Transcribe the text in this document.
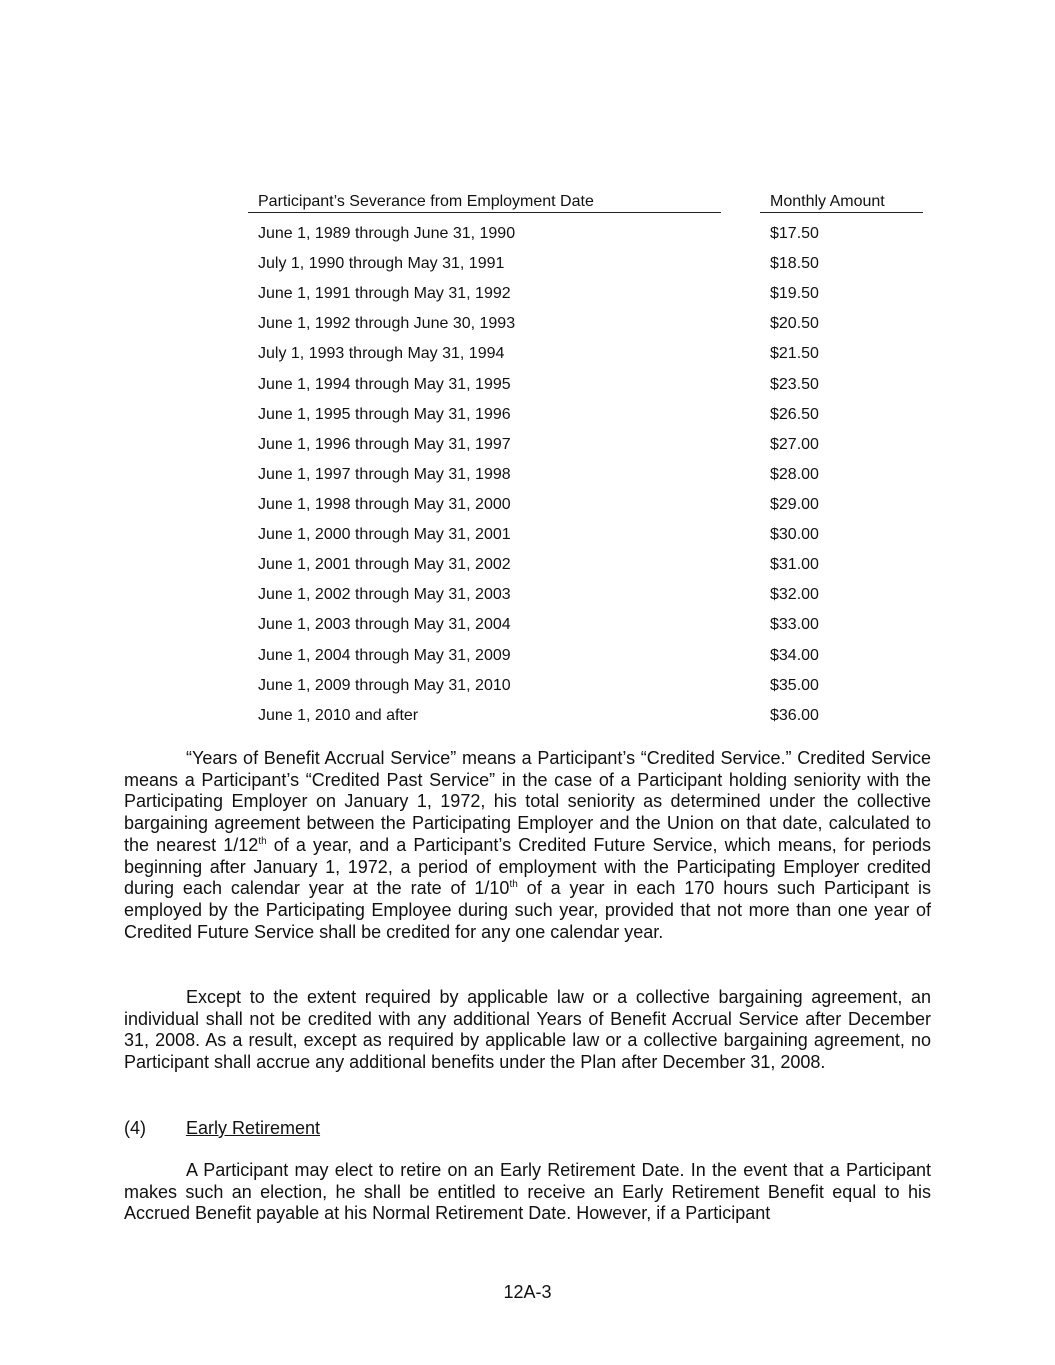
Participant’s Severance from Employment Date	Monthly Amount
June 1, 1989 through June 31, 1990	$17.50
July 1, 1990 through May 31, 1991	$18.50
June 1, 1991 through May 31, 1992	$19.50
June 1, 1992 through June 30, 1993	$20.50
July 1, 1993 through May 31, 1994	$21.50
June 1, 1994 through May 31, 1995	$23.50
June 1, 1995 through May 31, 1996	$26.50
June 1, 1996 through May 31, 1997	$27.00
June 1, 1997 through May 31, 1998	$28.00
June 1, 1998 through May 31, 2000	$29.00
June 1, 2000 through May 31, 2001	$30.00
June 1, 2001 through May 31, 2002	$31.00
June 1, 2002 through May 31, 2003	$32.00
June 1, 2003 through May 31, 2004	$33.00
June 1, 2004 through May 31, 2009	$34.00
June 1, 2009 through May 31, 2010	$35.00
June 1, 2010 and after	$36.00

“Years of Benefit Accrual Service” means a Participant’s “Credited Service.” Credited Service means a Participant’s “Credited Past Service” in the case of a Participant holding seniority with the Participating Employer on January 1, 1972, his total seniority as determined under the collective bargaining agreement between the Participating Employer and the Union on that date, calculated to the nearest 1/12th of a year, and a Participant’s Credited Future Service, which means, for periods beginning after January 1, 1972, a period of employment with the Participating Employer credited during each calendar year at the rate of 1/10th of a year in each 170 hours such Participant is employed by the Participating Employee during such year, provided that not more than one year of Credited Future Service shall be credited for any one calendar year.

Except to the extent required by applicable law or a collective bargaining agreement, an individual shall not be credited with any additional Years of Benefit Accrual Service after December 31, 2008. As a result, except as required by applicable law or a collective bargaining agreement, no Participant shall accrue any additional benefits under the Plan after December 31, 2008.

(4) Early Retirement

A Participant may elect to retire on an Early Retirement Date. In the event that a Participant makes such an election, he shall be entitled to receive an Early Retirement Benefit equal to his Accrued Benefit payable at his Normal Retirement Date. However, if a Participant

12A-3
